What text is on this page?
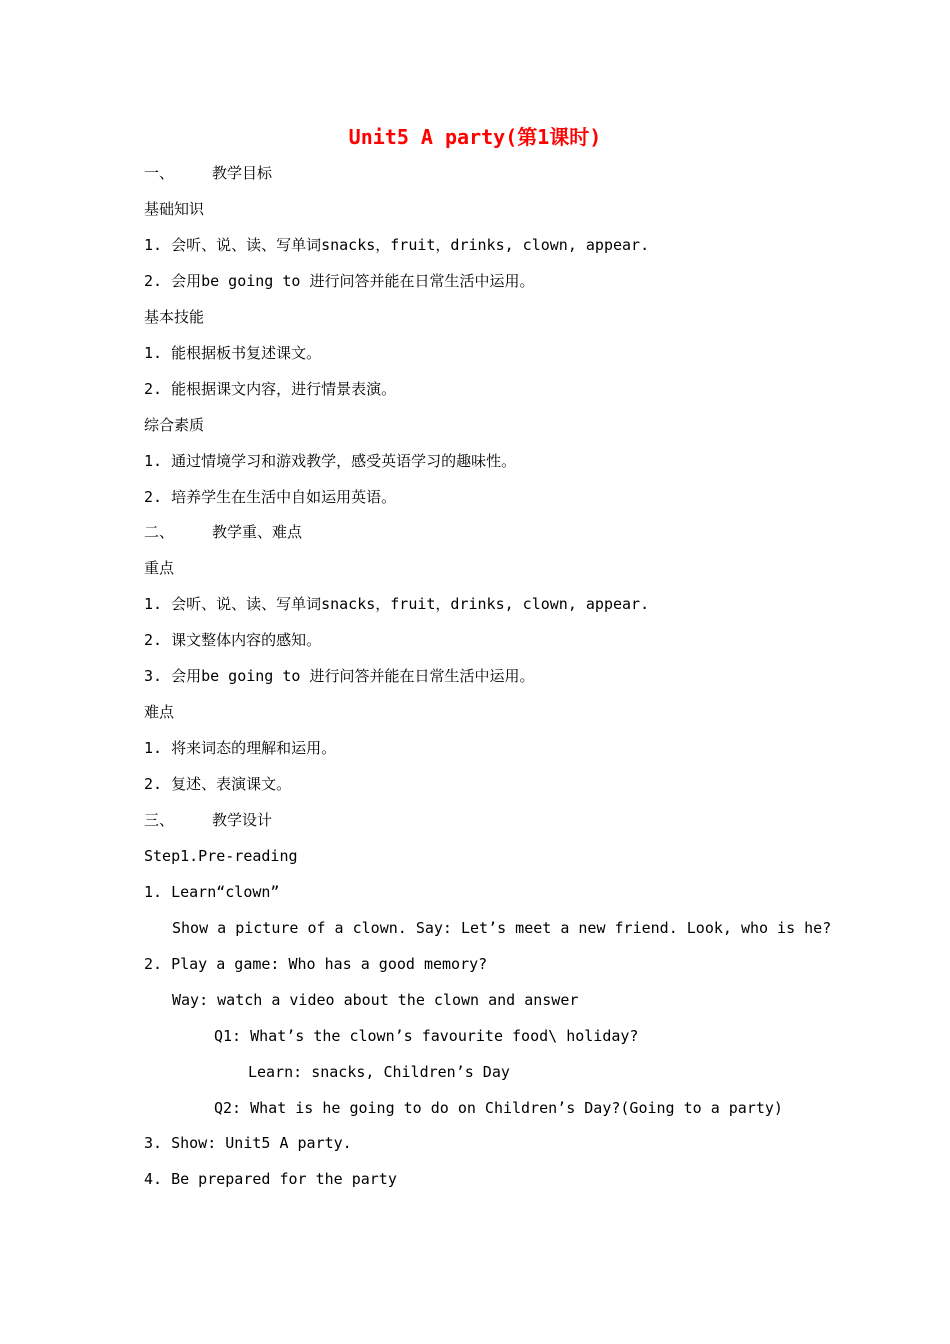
Unit5 A party(第1课时)
一、	教学目标
基础知识
1. 会听、说、读、写单词snacks，fruit，drinks, clown, appear.
2. 会用be going to 进行问答并能在日常生活中运用。
基本技能
1. 能根据板书复述课文。
2. 能根据课文内容，进行情景表演。
综合素质
1. 通过情境学习和游戏教学，感受英语学习的趣味性。
2. 培养学生在生活中自如运用英语。
二、	教学重、难点
重点
1. 会听、说、读、写单词snacks，fruit，drinks, clown, appear.
2. 课文整体内容的感知。
3. 会用be going to 进行问答并能在日常生活中运用。
难点
1. 将来词态的理解和运用。
2. 复述、表演课文。
三、	教学设计
Step1.Pre-reading
1. Learn“clown”
Show a picture of a clown. Say: Let’s meet a new friend. Look, who is he?
2. Play a game: Who has a good memory?
Way: watch a video about the clown and answer
Q1: What’s the clown’s favourite food\ holiday?
Learn: snacks, Children’s Day
Q2: What is he going to do on Children’s Day?(Going to a party)
3. Show: Unit5 A party.
4. Be prepared for the party
